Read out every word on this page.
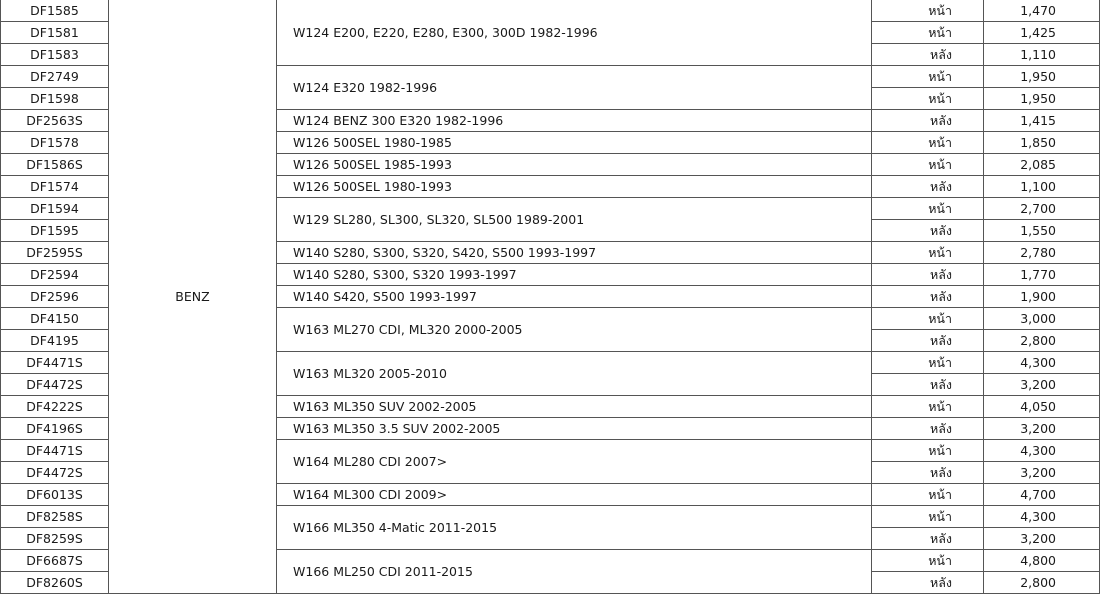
DF1585	BENZ	W124 E200, E220, E280, E300, 300D 1982-1996	หน้า	1,470
DF1581			หน้า	1,425
DF1583			หลัง	1,110
DF2749		W124 E320 1982-1996	หน้า	1,950
DF1598			หน้า	1,950
DF2563S		W124 BENZ 300 E320 1982-1996	หลัง	1,415
DF1578		W126 500SEL 1980-1985	หน้า	1,850
DF1586S		W126 500SEL 1985-1993	หน้า	2,085
DF1574		W126 500SEL 1980-1993	หลัง	1,100
DF1594		W129 SL280, SL300, SL320, SL500 1989-2001	หน้า	2,700
DF1595			หลัง	1,550
DF2595S		W140 S280, S300, S320, S420, S500 1993-1997	หน้า	2,780
DF2594		W140 S280, S300, S320 1993-1997	หลัง	1,770
DF2596		W140 S420, S500 1993-1997	หลัง	1,900
DF4150		W163 ML270 CDI, ML320 2000-2005	หน้า	3,000
DF4195			หลัง	2,800
DF4471S		W163 ML320 2005-2010	หน้า	4,300
DF4472S			หลัง	3,200
DF4222S		W163 ML350 SUV 2002-2005	หน้า	4,050
DF4196S		W163 ML350 3.5 SUV 2002-2005	หลัง	3,200
DF4471S		W164 ML280 CDI 2007>	หน้า	4,300
DF4472S			หลัง	3,200
DF6013S		W164 ML300 CDI 2009>	หน้า	4,700
DF8258S		W166 ML350 4-Matic 2011-2015	หน้า	4,300
DF8259S			หลัง	3,200
DF6687S		W166 ML250 CDI 2011-2015	หน้า	4,800
DF8260S			หลัง	2,800
